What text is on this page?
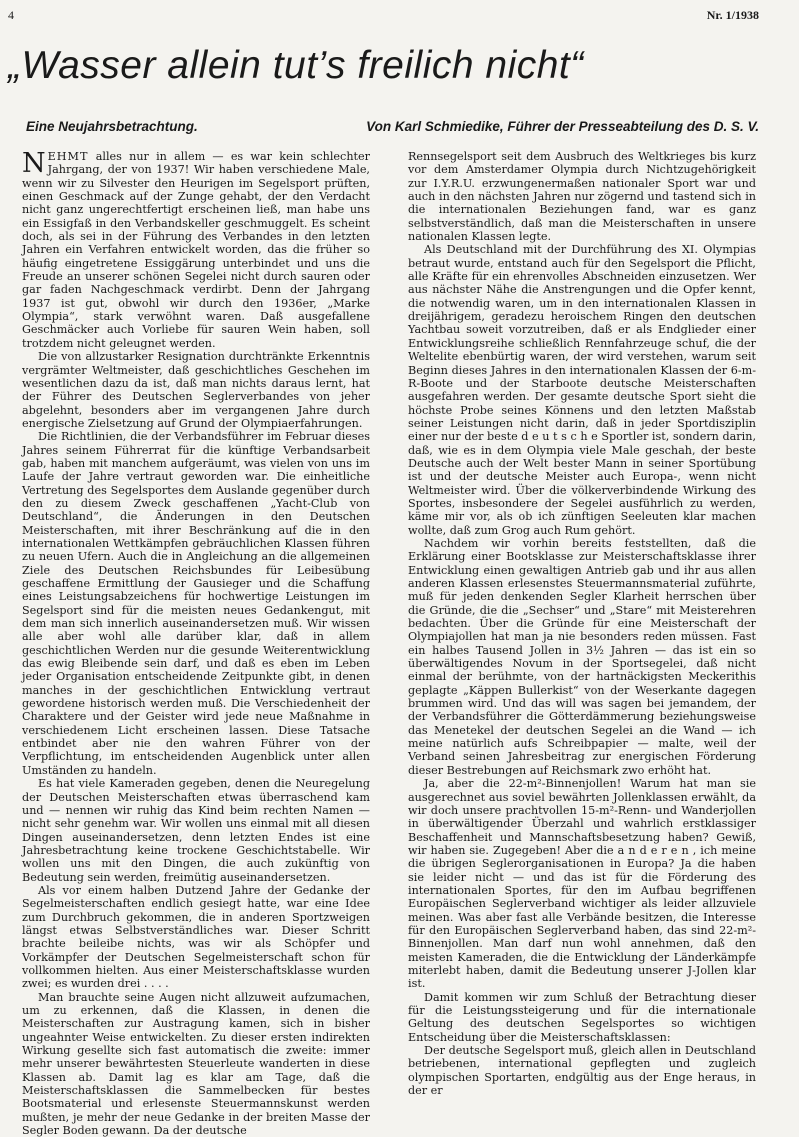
4	Nr. 1/1938
„Wasser allein tut’s freilich nicht“
Eine Neujahrsbetrachtung.	Von Karl Schmiedike, Führer der Presseabteilung des D. S. V.

NEHMT alles nur in allem — es war kein schlechter Jahrgang, der von 1937! Wir haben verschiedene Male, wenn wir zu Silvester den Heurigen im Segelsport prüften, einen Geschmack auf der Zunge gehabt, der den Verdacht nicht ganz ungerechtfertigt erscheinen ließ, man habe uns ein Essigfaß in den Verbandskeller geschmuggelt. Es scheint doch, als sei in der Führung des Verbandes in den letzten Jahren ein Verfahren entwickelt worden, das die früher so häufig eingetretene Essiggärung unterbindet und uns die Freude an unserer schönen Segelei nicht durch sauren oder gar faden Nachgeschmack verdirbt. Denn der Jahrgang 1937 ist gut, obwohl wir durch den 1936er, „Marke Olympia“, stark verwöhnt waren. Daß ausgefallene Geschmäcker auch Vorliebe für sauren Wein haben, soll trotzdem nicht geleugnet werden.

Die von allzustarker Resignation durchtränkte Erkenntnis vergrämter Weltmeister, daß geschichtliches Geschehen im wesentlichen dazu da ist, daß man nichts daraus lernt, hat der Führer des Deutschen Seglerverbandes von jeher abgelehnt, besonders aber im vergangenen Jahre durch energische Zielsetzung auf Grund der Olympiaerfahrungen.

Die Richtlinien, die der Verbandsführer im Februar dieses Jahres seinem Führerrat für die künftige Verbandsarbeit gab, haben mit manchem aufgeräumt, was vielen von uns im Laufe der Jahre vertraut geworden war. Die einheitliche Vertretung des Segelsportes dem Auslande gegenüber durch den zu diesem Zweck geschaffenen „Yacht-Club von Deutschland“, die Änderungen in den Deutschen Meisterschaften, mit ihrer Beschränkung auf die in den internationalen Wettkämpfen gebräuchlichen Klassen führen zu neuen Ufern. Auch die in Angleichung an die allgemeinen Ziele des Deutschen Reichsbundes für Leibesübung geschaffene Ermittlung der Gausieger und die Schaffung eines Leistungsabzeichens für hochwertige Leistungen im Segelsport sind für die meisten neues Gedankengut, mit dem man sich innerlich auseinandersetzen muß. Wir wissen alle aber wohl alle darüber klar, daß in allem geschichtlichen Werden nur die gesunde Weiterentwicklung das ewig Bleibende sein darf, und daß es eben im Leben jeder Organisation entscheidende Zeitpunkte gibt, in denen manches in der geschichtlichen Entwicklung vertraut gewordene historisch werden muß. Die Verschiedenheit der Charaktere und der Geister wird jede neue Maßnahme in verschiedenem Licht erscheinen lassen. Diese Tatsache entbindet aber nie den wahren Führer von der Verpflichtung, im entscheidenden Augenblick unter allen Umständen zu handeln.

Es hat viele Kameraden gegeben, denen die Neuregelung der Deutschen Meisterschaften etwas überraschend kam und — nennen wir ruhig das Kind beim rechten Namen — nicht sehr genehm war. Wir wollen uns einmal mit all diesen Dingen auseinandersetzen, denn letzten Endes ist eine Jahresbetrachtung keine trockene Geschichtstabelle. Wir wollen uns mit den Dingen, die auch zukünftig von Bedeutung sein werden, freimütig auseinandersetzen.

Als vor einem halben Dutzend Jahre der Gedanke der Segelmeisterschaften endlich gesiegt hatte, war eine Idee zum Durchbruch gekommen, die in anderen Sportzweigen längst etwas Selbstverständliches war. Dieser Schritt brachte beileibe nichts, was wir als Schöpfer und Vorkämpfer der Deutschen Segelmeisterschaft schon für vollkommen hielten. Aus einer Meisterschaftsklasse wurden zwei; es wurden drei . . . .

Man brauchte seine Augen nicht allzuweit aufzumachen, um zu erkennen, daß die Klassen, in denen die Meisterschaften zur Austragung kamen, sich in bisher ungeahnter Weise entwickelten. Zu dieser ersten indirekten Wirkung gesellte sich fast automatisch die zweite: immer mehr unserer bewährtesten Steuerleute wanderten in diese Klassen ab. Damit lag es klar am Tage, daß die Meisterschaftsklassen die Sammelbecken für bestes Bootsmaterial und erlesenste Steuermannskunst werden mußten, je mehr der neue Gedanke in der breiten Masse der Segler Boden gewann. Da der deutsche

Rennsegelsport seit dem Ausbruch des Weltkrieges bis kurz vor dem Amsterdamer Olympia durch Nichtzugehörigkeit zur I.Y.R.U. erzwungenermaßen nationaler Sport war und auch in den nächsten Jahren nur zögernd und tastend sich in die internationalen Beziehungen fand, war es ganz selbstverständlich, daß man die Meisterschaften in unsere nationalen Klassen legte.

Als Deutschland mit der Durchführung des XI. Olympias betraut wurde, entstand auch für den Segelsport die Pflicht, alle Kräfte für ein ehrenvolles Abschneiden einzusetzen. Wer aus nächster Nähe die Anstrengungen und die Opfer kennt, die notwendig waren, um in den internationalen Klassen in dreijährigem, geradezu heroischem Ringen den deutschen Yachtbau soweit vorzutreiben, daß er als Endglieder einer Entwicklungsreihe schließlich Rennfahrzeuge schuf, die der Weltelite ebenbürtig waren, der wird verstehen, warum seit Beginn dieses Jahres in den internationalen Klassen der 6-m-R-Boote und der Starboote deutsche Meisterschaften ausgefahren werden. Der gesamte deutsche Sport sieht die höchste Probe seines Könnens und den letzten Maßstab seiner Leistungen nicht darin, daß in jeder Sportdisziplin einer nur der beste d e u t s c h e Sportler ist, sondern darin, daß, wie es in dem Olympia viele Male geschah, der beste Deutsche auch der Welt bester Mann in seiner Sportübung ist und der deutsche Meister auch Europa-, wenn nicht Weltmeister wird. Über die völkerverbindende Wirkung des Sportes, insbesondere der Segelei ausführlich zu werden, käme mir vor, als ob ich zünftigen Seeleuten klar machen wollte, daß zum Grog auch Rum gehört.

Nachdem wir vorhin bereits feststellten, daß die Erklärung einer Bootsklasse zur Meisterschaftsklasse ihrer Entwicklung einen gewaltigen Antrieb gab und ihr aus allen anderen Klassen erlesenstes Steuermannsmaterial zuführte, muß für jeden denkenden Segler Klarheit herrschen über die Gründe, die die „Sechser“ und „Stare“ mit Meisterehren bedachten. Über die Gründe für eine Meisterschaft der Olympiajollen hat man ja nie besonders reden müssen. Fast ein halbes Tausend Jollen in 3½ Jahren — das ist ein so überwältigendes Novum in der Sportsegelei, daß nicht einmal der berühmte, von der hartnäckigsten Meckerithis geplagte „Käppen Bullerkist“ von der Weserkante dagegen brummen wird. Und das will was sagen bei jemandem, der der Verbandsführer die Götterdämmerung beziehungsweise das Menetekel der deutschen Segelei an die Wand — ich meine natürlich aufs Schreibpapier — malte, weil der Verband seinen Jahresbeitrag zur energischen Förderung dieser Bestrebungen auf Reichsmark zwo erhöht hat.

Ja, aber die 22-m²-Binnenjollen! Warum hat man sie ausgerechnet aus soviel bewährten Jollenklassen erwählt, da wir doch unsere prachtvollen 15-m²-Renn- und Wanderjollen in überwältigender Überzahl und wahrlich erstklassiger Beschaffenheit und Mannschaftsbesetzung haben? Gewiß, wir haben sie. Zugegeben! Aber die a n d e r e n , ich meine die übrigen Seglerorganisationen in Europa? Ja die haben sie leider nicht — und das ist für die Förderung des internationalen Sportes, für den im Aufbau begriffenen Europäischen Seglerverband wichtiger als leider allzuviele meinen. Was aber fast alle Verbände besitzen, die Interesse für den Europäischen Seglerverband haben, das sind 22-m²-Binnenjollen. Man darf nun wohl annehmen, daß den meisten Kameraden, die die Entwicklung der Länderkämpfe miterlebt haben, damit die Bedeutung unserer J-Jollen klar ist.

Damit kommen wir zum Schluß der Betrachtung dieser für die Leistungssteigerung und für die internationale Geltung des deutschen Segelsportes so wichtigen Entscheidung über die Meisterschaftsklassen:

Der deutsche Segelsport muß, gleich allen in Deutschland betriebenen, international gepflegten und zugleich olympischen Sportarten, endgültig aus der Enge heraus, in der er
